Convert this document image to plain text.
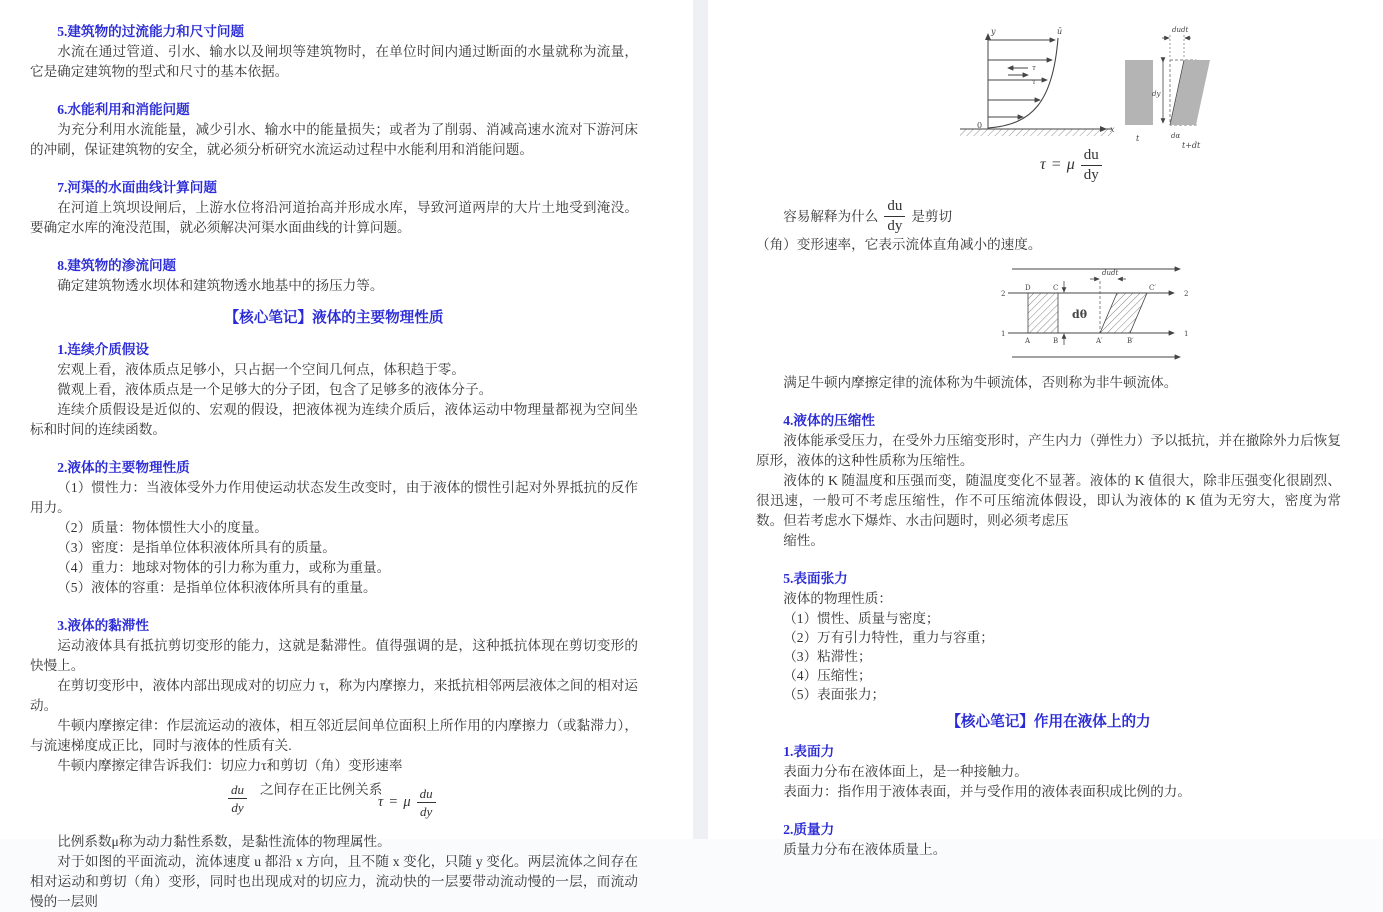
5.建筑物的过流能力和尺寸问题

水流在通过管道、引水、输水以及闸坝等建筑物时，在单位时间内通过断面的水量就称为流量，它是确定建筑物的型式和尺寸的基本依据。

6.水能利用和消能问题

为充分利用水流能量，减少引水、输水中的能量损失；或者为了削弱、消减高速水流对下游河床的冲刷，保证建筑物的安全，就必须分析研究水流运动过程中水能利用和消能问题。

7.河渠的水面曲线计算问题

在河道上筑坝设闸后，上游水位将沿河道抬高并形成水库，导致河道两岸的大片土地受到淹没。要确定水库的淹没范围，就必须解决河渠水面曲线的计算问题。

8.建筑物的渗流问题

确定建筑物透水坝体和建筑物透水地基中的扬压力等。

【核心笔记】液体的主要物理性质

1.连续介质假设

宏观上看，液体质点足够小，只占据一个空间几何点，体积趋于零。

微观上看，液体质点是一个足够大的分子团，包含了足够多的液体分子。

连续介质假设是近似的、宏观的假设，把液体视为连续介质后，液体运动中物理量都视为空间坐标和时间的连续函数。

2.液体的主要物理性质

（1）惯性力：当液体受外力作用使运动状态发生改变时，由于液体的惯性引起对外界抵抗的反作用力。

（2）质量：物体惯性大小的度量。

（3）密度：是指单位体积液体所具有的质量。

（4）重力：地球对物体的引力称为重力，或称为重量。

（5）液体的容重：是指单位体积液体所具有的重量。

3.液体的黏滞性

运动液体具有抵抗剪切变形的能力，这就是黏滞性。值得强调的是，这种抵抗体现在剪切变形的快慢上。

在剪切变形中，液体内部出现成对的切应力 τ，称为内摩擦力，来抵抗相邻两层液体之间的相对运动。

牛顿内摩擦定律：作层流运动的液体，相互邻近层间单位面积上所作用的内摩擦力（或黏滞力），与流速梯度成正比，同时与液体的性质有关.

牛顿内摩擦定律告诉我们：切应力τ和剪切（角）变形速率

$\frac{du}{dy}$ 之间存在正比例关系
τ = μ $\frac{du}{dy}$

比例系数μ称为动力黏性系数，是黏性流体的物理属性。

对于如图的平面流动，流体速度 u 都沿 x 方向，且不随 x 变化，只随 y 变化。两层流体之间存在相对运动和剪切（角）变形，同时也出现成对的切应力，流动快的一层要带动流动慢的一层，而流动慢的一层则

y
x
0
ū
τ
τ
t
dy
dudt
dα
t+dt
τ = μ $\frac{du}{dy}$
容易解释为什么 $\frac{du}{dy}$ 是剪切

（角）变形速率，它表示流体直角减小的速度。

2	2
1	1
D	C
A	B
dθ
A′	B′
C′
dudt

满足牛顿内摩擦定律的流体称为牛顿流体，否则称为非牛顿流体。

4.液体的压缩性

液体能承受压力，在受外力压缩变形时，产生内力（弹性力）予以抵抗，并在撤除外力后恢复原形，液体的这种性质称为压缩性。

液体的 K 随温度和压强而变，随温度变化不显著。液体的 K 值很大，除非压强变化很剧烈、很迅速，一般可不考虑压缩性，作不可压缩流体假设，即认为液体的 K 值为无穷大，密度为常数。但若考虑水下爆炸、水击问题时，则必须考虑压

缩性。

5.表面张力

液体的物理性质：

（1）惯性、质量与密度；

（2）万有引力特性，重力与容重；

（3）粘滞性；

（4）压缩性；

（5）表面张力；

【核心笔记】作用在液体上的力

1.表面力

表面力分布在液体面上，是一种接触力。

表面力：指作用于液体表面，并与受作用的液体表面积成比例的力。

2.质量力

质量力分布在液体质量上。
